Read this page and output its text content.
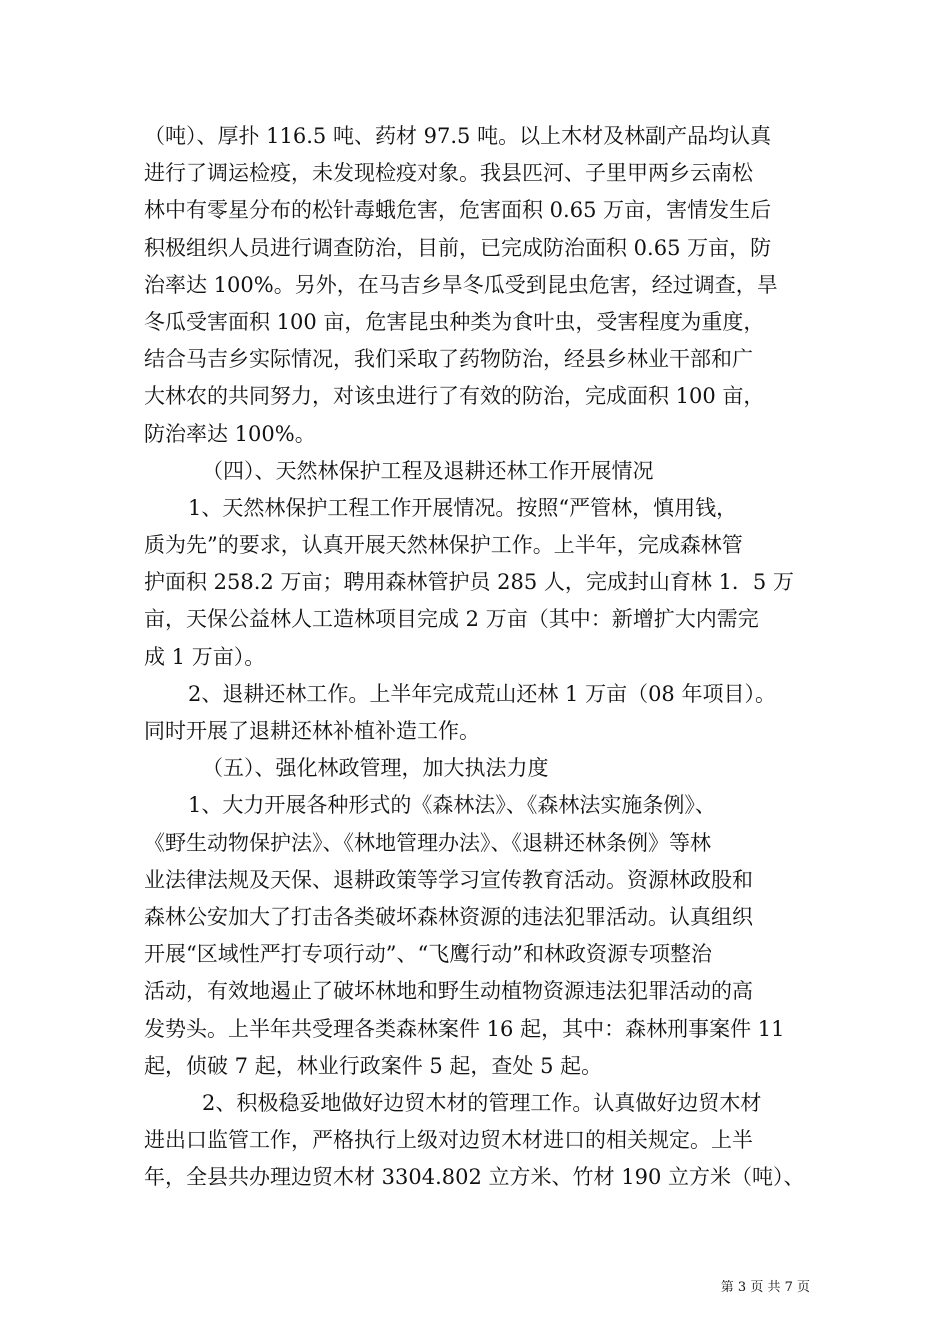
（吨）、厚扑 116.5 吨、药材 97.5 吨。以上木材及林副产品均认真
进行了调运检疫，未发现检疫对象。我县匹河、子里甲两乡云南松
林中有零星分布的松针毒蛾危害，危害面积 0.65 万亩，害情发生后
积极组织人员进行调查防治，目前，已完成防治面积 0.65 万亩，防
治率达 100%。另外，在马吉乡旱冬瓜受到昆虫危害，经过调查，旱
冬瓜受害面积 100 亩，危害昆虫种类为食叶虫，受害程度为重度，
结合马吉乡实际情况，我们采取了药物防治，经县乡林业干部和广
大林农的共同努力，对该虫进行了有效的防治，完成面积 100 亩，
防治率达 100%。
（四）、天然林保护工程及退耕还林工作开展情况
1、天然林保护工程工作开展情况。按照“严管林，慎用钱，
质为先”的要求，认真开展天然林保护工作。上半年，完成森林管
护面积 258.2 万亩；聘用森林管护员 285 人，完成封山育林 1．5 万
亩，天保公益林人工造林项目完成 2 万亩（其中：新增扩大内需完
成 1 万亩）。
2、退耕还林工作。上半年完成荒山还林 1 万亩（08 年项目）。
同时开展了退耕还林补植补造工作。
（五）、强化林政管理，加大执法力度
1、大力开展各种形式的《森林法》、《森林法实施条例》、
《野生动物保护法》、《林地管理办法》、《退耕还林条例》等林
业法律法规及天保、退耕政策等学习宣传教育活动。资源林政股和
森林公安加大了打击各类破坏森林资源的违法犯罪活动。认真组织
开展“区域性严打专项行动”、“飞鹰行动”和林政资源专项整治
活动，有效地遏止了破坏林地和野生动植物资源违法犯罪活动的高
发势头。上半年共受理各类森林案件 16 起，其中：森林刑事案件 11
起，侦破 7 起，林业行政案件 5 起，查处 5 起。
2、积极稳妥地做好边贸木材的管理工作。认真做好边贸木材
进出口监管工作，严格执行上级对边贸木材进口的相关规定。上半
年，全县共办理边贸木材 3304.802 立方米、竹材 190 立方米（吨）、
第 3 页 共 7 页
